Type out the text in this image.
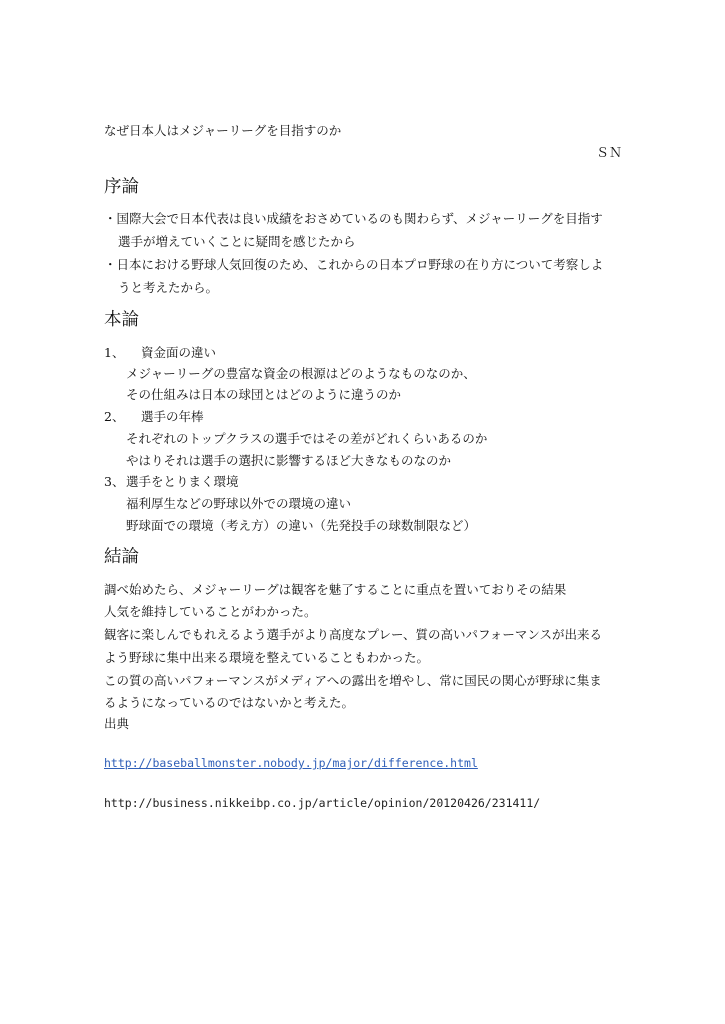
なぜ日本人はメジャーリーグを目指すのか
ＳＮ
序論
・国際大会で日本代表は良い成績をおさめているのも関わらず、メジャーリーグを目指す
選手が増えていくことに疑問を感じたから
・日本における野球人気回復のため、これからの日本プロ野球の在り方について考察しよ
うと考えたから。
本論
1、 資金面の違い
メジャーリーグの豊富な資金の根源はどのようなものなのか、
その仕組みは日本の球団とはどのように違うのか
2、 選手の年棒
それぞれのトップクラスの選手ではその差がどれくらいあるのか
やはりそれは選手の選択に影響するほど大きなものなのか
3、 選手をとりまく環境
福利厚生などの野球以外での環境の違い
野球面での環境（考え方）の違い（先発投手の球数制限など）
結論
調べ始めたら、メジャーリーグは観客を魅了することに重点を置いておりその結果
人気を維持していることがわかった。
観客に楽しんでもれえるよう選手がより高度なプレー、質の高いパフォーマンスが出来る
よう野球に集中出来る環境を整えていることもわかった。
この質の高いパフォーマンスがメディアへの露出を増やし、常に国民の関心が野球に集ま
るようになっているのではないかと考えた。
出典
http://baseballmonster.nobody.jp/major/difference.html
http://business.nikkeibp.co.jp/article/opinion/20120426/231411/
